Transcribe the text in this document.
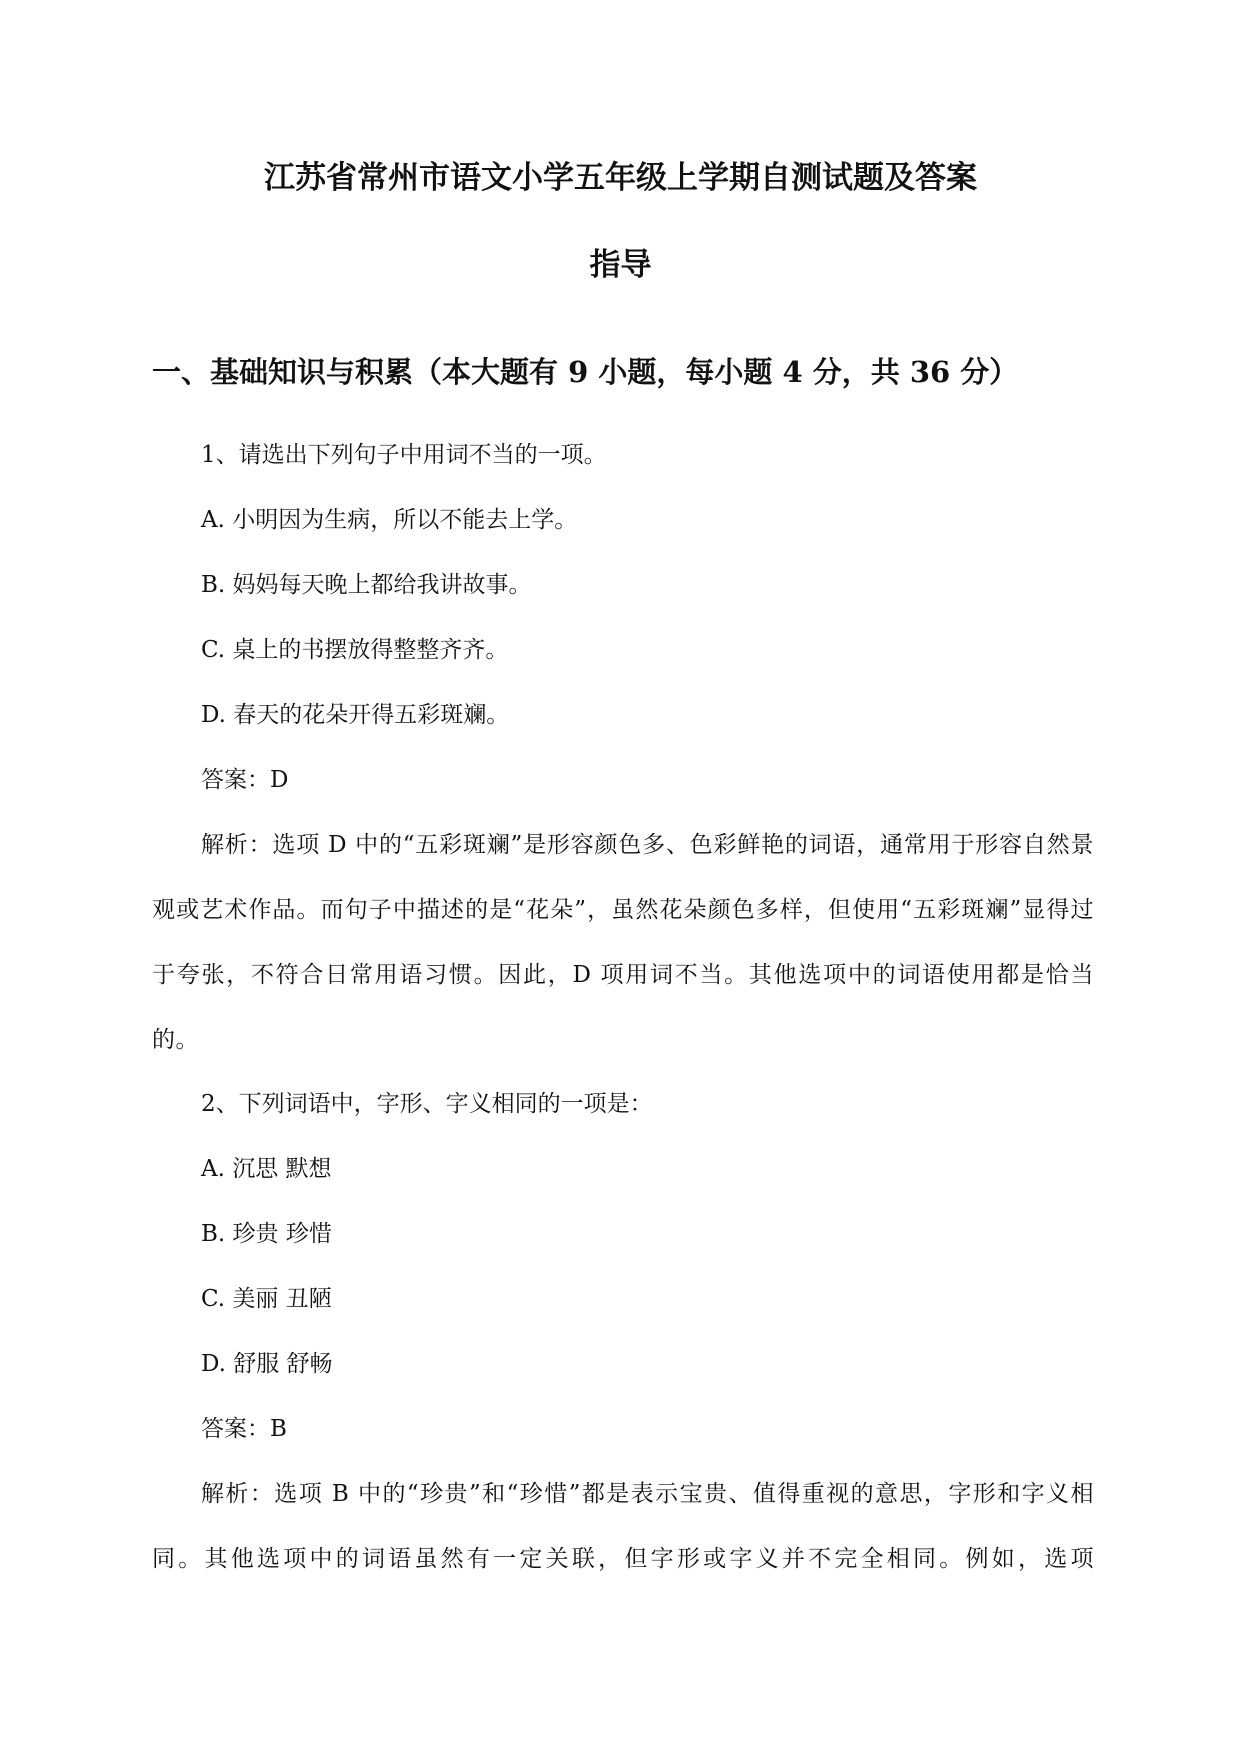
江苏省常州市语文小学五年级上学期自测试题及答案
指导
一、基础知识与积累（本大题有 9 小题，每小题 4 分，共 36 分）

1、请选出下列句子中用词不当的一项。

A. 小明因为生病，所以不能去上学。

B. 妈妈每天晚上都给我讲故事。

C. 桌上的书摆放得整整齐齐。

D. 春天的花朵开得五彩斑斓。

答案：D

解析：选项 D 中的“五彩斑斓”是形容颜色多、色彩鲜艳的词语，通常用于形容自然景观或艺术作品。而句子中描述的是“花朵”，虽然花朵颜色多样，但使用“五彩斑斓”显得过于夸张，不符合日常用语习惯。因此，D 项用词不当。其他选项中的词语使用都是恰当的。

2、下列词语中，字形、字义相同的一项是：

A. 沉思 默想

B. 珍贵 珍惜

C. 美丽 丑陋

D. 舒服 舒畅

答案：B

解析：选项 B 中的“珍贵”和“珍惜”都是表示宝贵、值得重视的意思，字形和字义相同。其他选项中的词语虽然有一定关联，但字形或字义并不完全相同。例如，选项
